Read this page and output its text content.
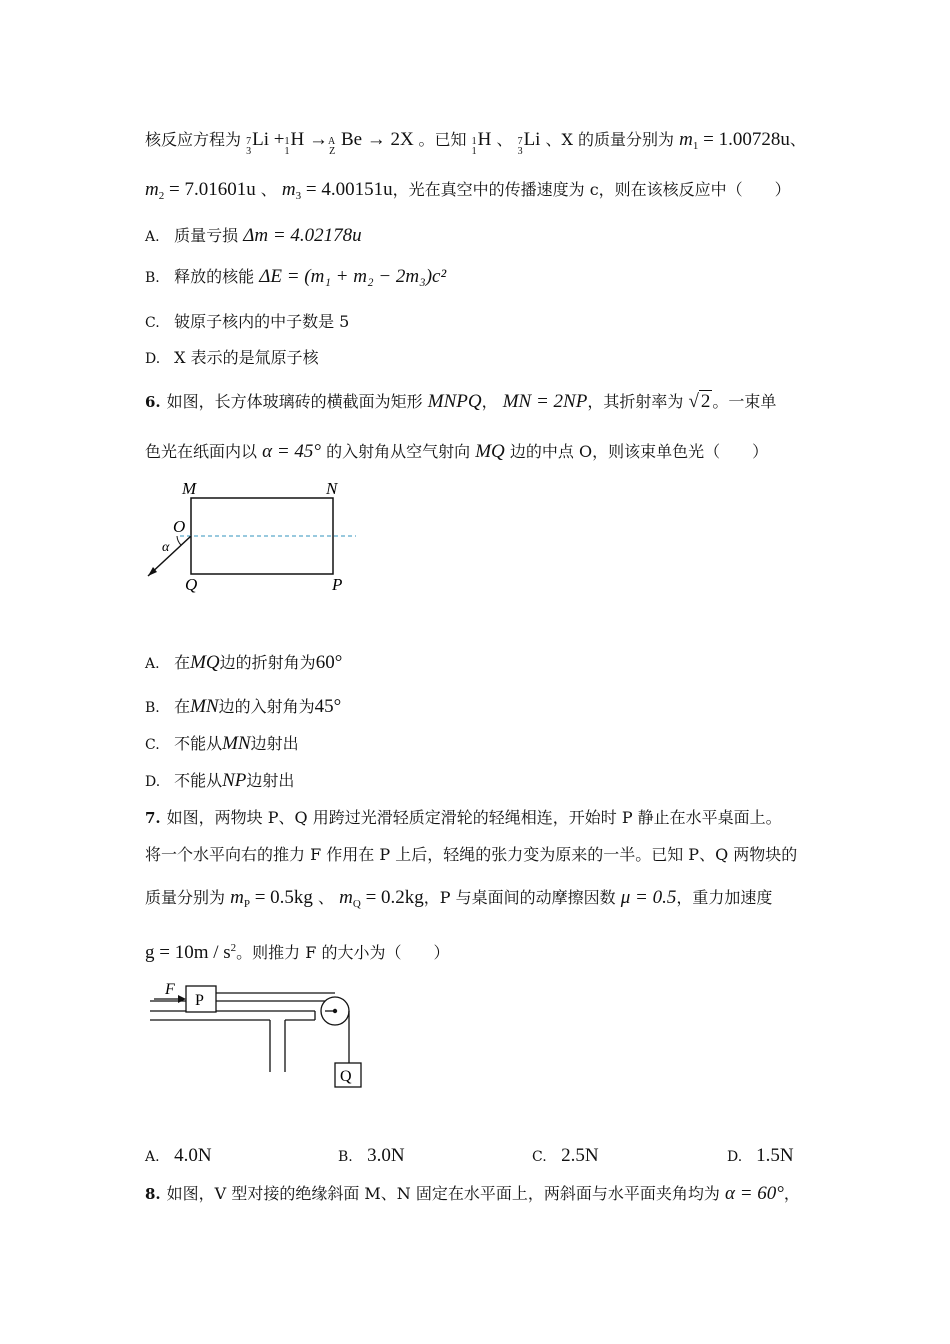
核反应方程为 7
3
Li + 1
1
H → A
Z
Be → 2X 。已知 1
1
H 、 7
3
Li 、X 的质量分别为 $m_1 = 1.00728u$、
$m_2 = 7.01601u$ 、 $m_3 = 4.00151u$，光在真空中的传播速度为 c，则在该核反应中（　　）
A. 质量亏损 Δm = 4.02178u
B. 释放的核能 ΔE = (m₁ + m₂ − 2m₃)c²
C. 铍原子核内的中子数是 5
D. X 表示的是氚原子核
6. 如图，长方体玻璃砖的横截面为矩形 MNPQ， MN = 2NP，其折射率为 √ 2 。一束单
色光在纸面内以 α = 45° 的入射角从空气射向 MQ 边的中点 O，则该束单色光（　　）
M	N
O
α
Q	P
A. 在MQ边的折射角为60°
B. 在MN边的入射角为45°
C. 不能从MN边射出
D. 不能从NP边射出
7. 如图，两物块 P、Q 用跨过光滑轻质定滑轮的轻绳相连，开始时 P 静止在水平桌面上。
将一个水平向右的推力 F 作用在 P 上后，轻绳的张力变为原来的一半。已知 P、Q 两物块的
质量分别为 $m_P = 0.5kg$ 、 $m_Q = 0.2kg$，P 与桌面间的动摩擦因数 μ = 0.5，重力加速度
$g = 10m / s^2$。则推力 F 的大小为（　　）
P
F
Q
A. 4.0N	B. 3.0N	C. 2.5N	D. 1.5N
8. 如图，V 型对接的绝缘斜面 M、N 固定在水平面上，两斜面与水平面夹角均为 α = 60°，
